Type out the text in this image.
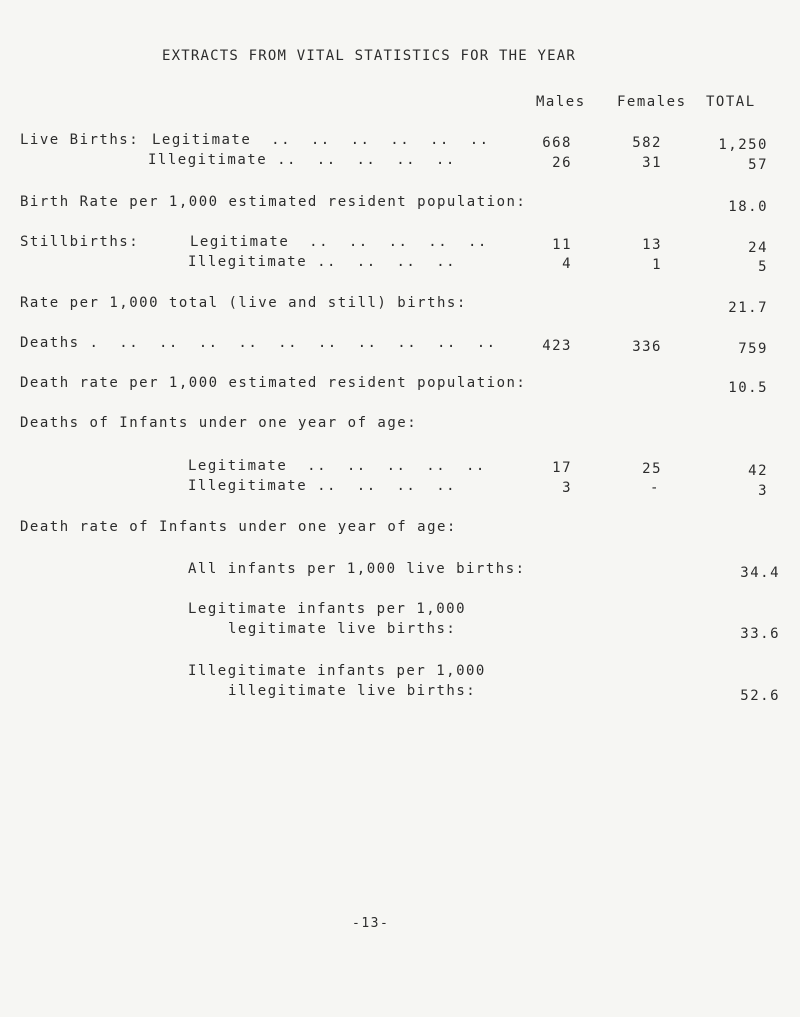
EXTRACTS FROM VITAL STATISTICS FOR THE YEAR
Males Females TOTAL
Live Births: Legitimate  ..  ..  ..  ..  ..  ..	668	582	1,250
Illegitimate ..  ..  ..  ..  ..	26	31	57
Birth Rate per 1,000 estimated resident population:	18.0
Stillbirths:	Legitimate  ..  ..  ..  ..  ..	11	13	24
Illegitimate ..  ..  ..  ..	4	1	5
Rate per 1,000 total (live and still) births:	21.7
Deaths .  ..  ..  ..  ..  ..  ..  ..  ..  ..  ..	423	336	759
Death rate per 1,000 estimated resident population:	10.5
Deaths of Infants under one year of age:
Legitimate  ..  ..  ..  ..  ..	17	25	42
Illegitimate ..  ..  ..  ..	3	-	3
Death rate of Infants under one year of age:
All infants per 1,000 live births:	34.4
Legitimate infants per 1,000
legitimate live births:	33.6
Illegitimate infants per 1,000
illegitimate live births:	52.6
-13-
